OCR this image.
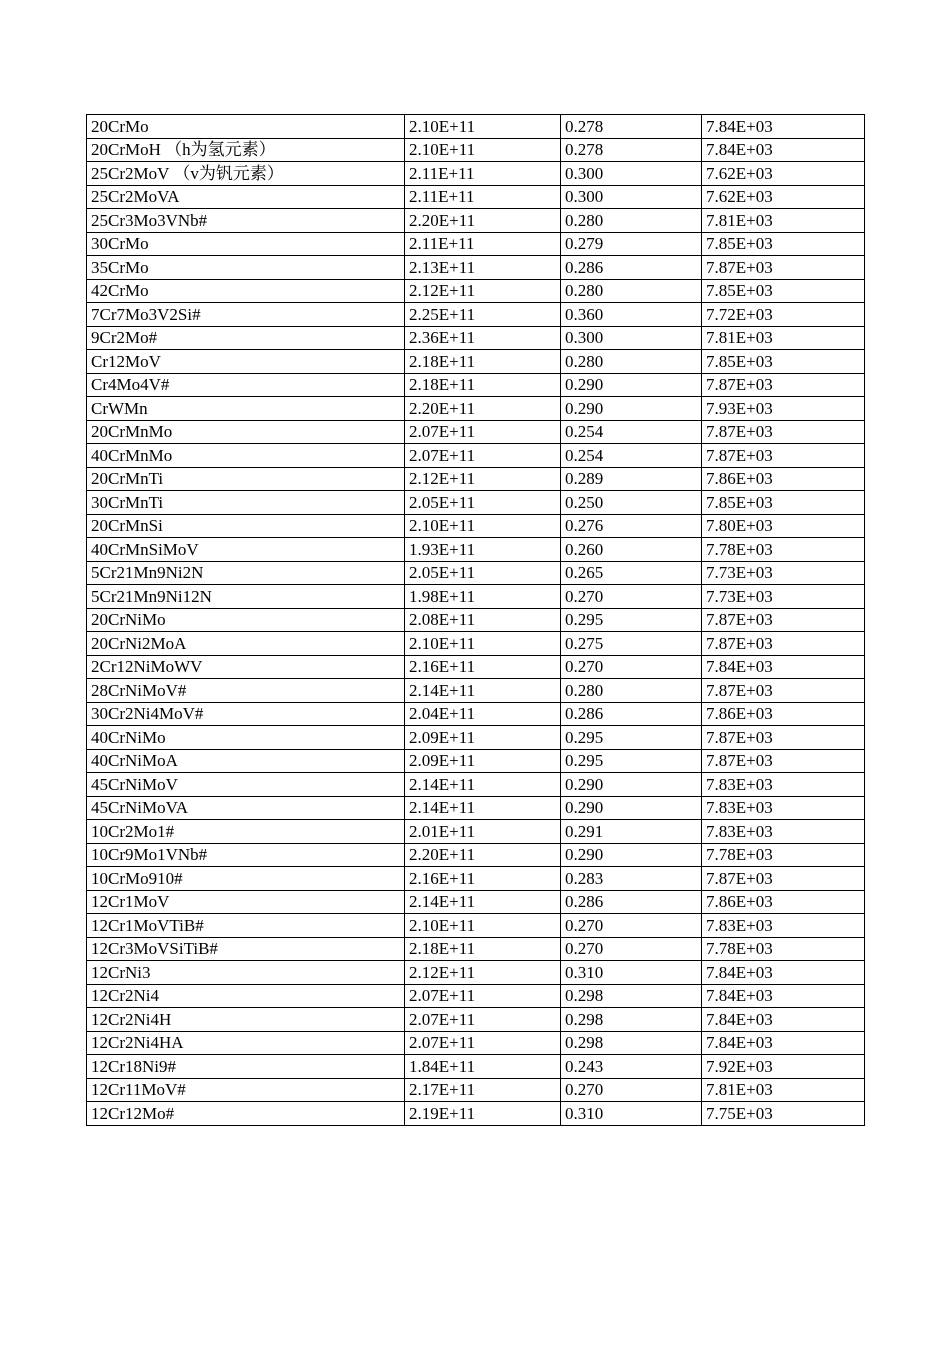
20CrMo	2.10E+11	0.278	7.84E+03
20CrMoH （h为氢元素）	2.10E+11	0.278	7.84E+03
25Cr2MoV （v为钒元素）	2.11E+11	0.300	7.62E+03
25Cr2MoVA	2.11E+11	0.300	7.62E+03
25Cr3Mo3VNb#	2.20E+11	0.280	7.81E+03
30CrMo	2.11E+11	0.279	7.85E+03
35CrMo	2.13E+11	0.286	7.87E+03
42CrMo	2.12E+11	0.280	7.85E+03
7Cr7Mo3V2Si#	2.25E+11	0.360	7.72E+03
9Cr2Mo#	2.36E+11	0.300	7.81E+03
Cr12MoV	2.18E+11	0.280	7.85E+03
Cr4Mo4V#	2.18E+11	0.290	7.87E+03
CrWMn	2.20E+11	0.290	7.93E+03
20CrMnMo	2.07E+11	0.254	7.87E+03
40CrMnMo	2.07E+11	0.254	7.87E+03
20CrMnTi	2.12E+11	0.289	7.86E+03
30CrMnTi	2.05E+11	0.250	7.85E+03
20CrMnSi	2.10E+11	0.276	7.80E+03
40CrMnSiMoV	1.93E+11	0.260	7.78E+03
5Cr21Mn9Ni2N	2.05E+11	0.265	7.73E+03
5Cr21Mn9Ni12N	1.98E+11	0.270	7.73E+03
20CrNiMo	2.08E+11	0.295	7.87E+03
20CrNi2MoA	2.10E+11	0.275	7.87E+03
2Cr12NiMoWV	2.16E+11	0.270	7.84E+03
28CrNiMoV#	2.14E+11	0.280	7.87E+03
30Cr2Ni4MoV#	2.04E+11	0.286	7.86E+03
40CrNiMo	2.09E+11	0.295	7.87E+03
40CrNiMoA	2.09E+11	0.295	7.87E+03
45CrNiMoV	2.14E+11	0.290	7.83E+03
45CrNiMoVA	2.14E+11	0.290	7.83E+03
10Cr2Mo1#	2.01E+11	0.291	7.83E+03
10Cr9Mo1VNb#	2.20E+11	0.290	7.78E+03
10CrMo910#	2.16E+11	0.283	7.87E+03
12Cr1MoV	2.14E+11	0.286	7.86E+03
12Cr1MoVTiB#	2.10E+11	0.270	7.83E+03
12Cr3MoVSiTiB#	2.18E+11	0.270	7.78E+03
12CrNi3	2.12E+11	0.310	7.84E+03
12Cr2Ni4	2.07E+11	0.298	7.84E+03
12Cr2Ni4H	2.07E+11	0.298	7.84E+03
12Cr2Ni4HA	2.07E+11	0.298	7.84E+03
12Cr18Ni9#	1.84E+11	0.243	7.92E+03
12Cr11MoV#	2.17E+11	0.270	7.81E+03
12Cr12Mo#	2.19E+11	0.310	7.75E+03
